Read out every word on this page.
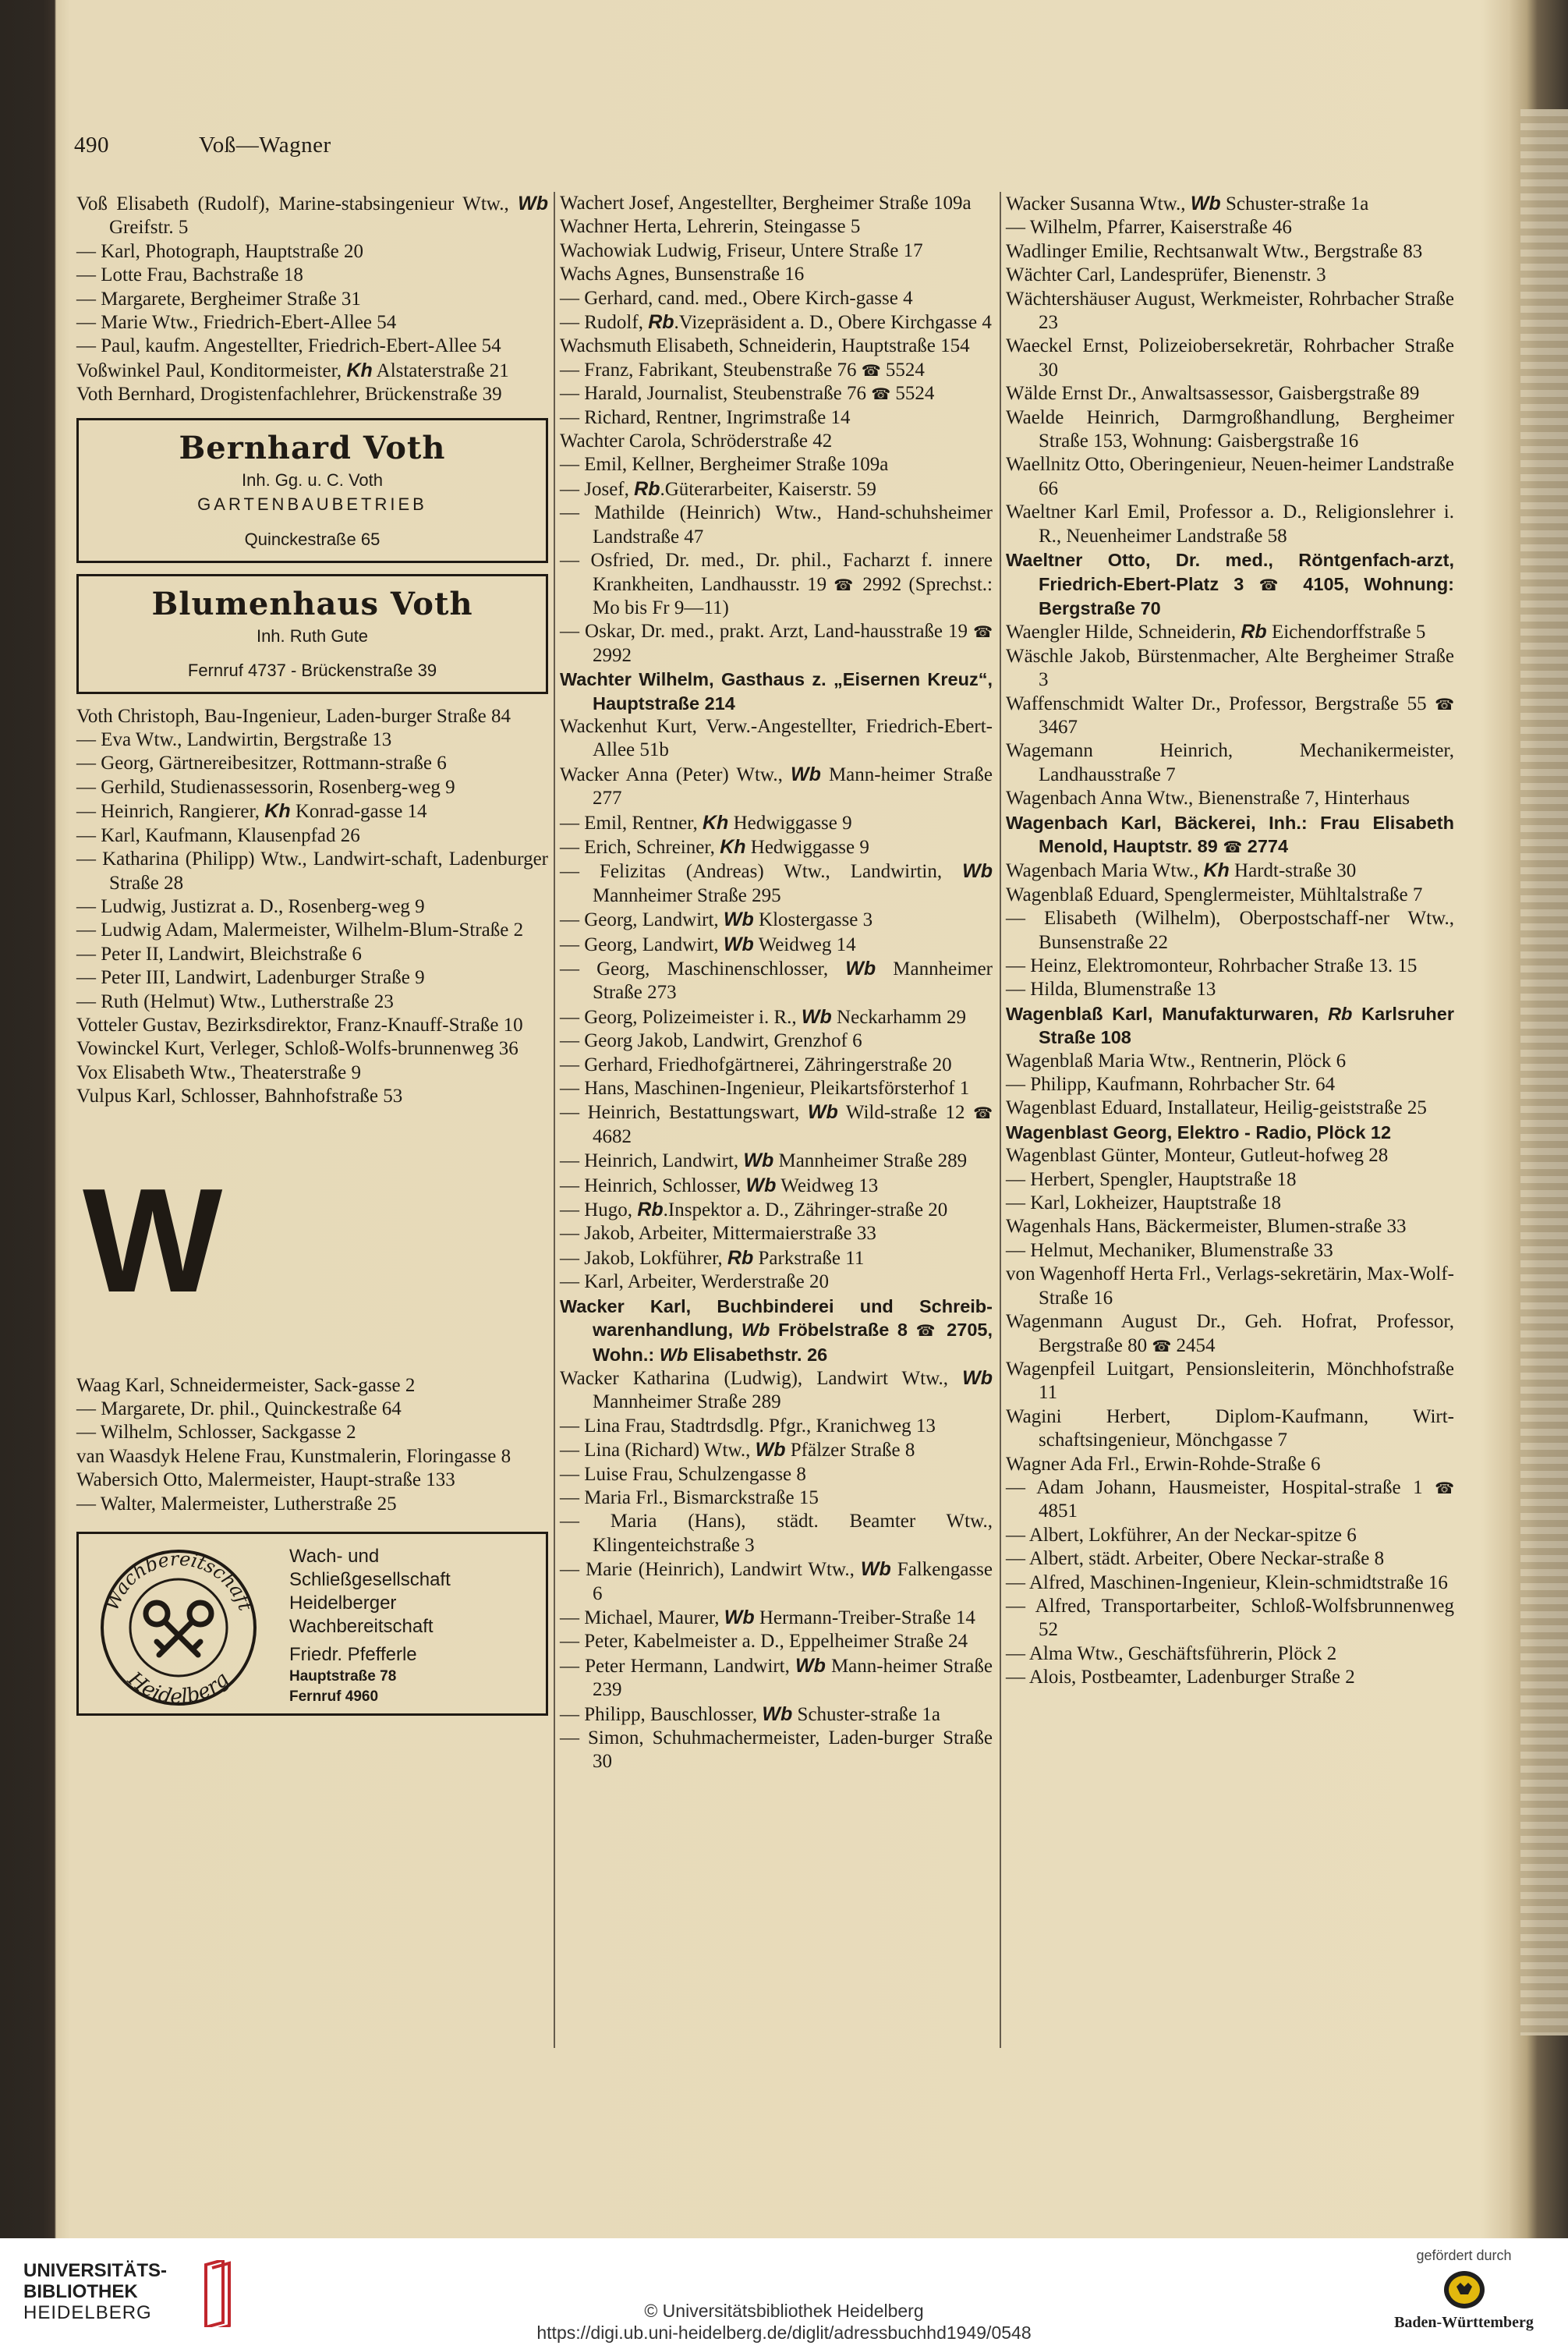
490	Voß—Wagner
Voß Elisabeth (Rudolf), Marine-stabsingenieur Wtw., Wb Greifstr. 5
— Karl, Photograph, Hauptstraße 20
— Lotte Frau, Bachstraße 18
— Margarete, Bergheimer Straße 31
— Marie Wtw., Friedrich-Ebert-Allee 54
— Paul, kaufm. Angestellter, Friedrich-Ebert-Allee 54
Voßwinkel Paul, Konditormeister, Kh Alstaterstraße 21
Voth Bernhard, Drogistenfachlehrer, Brückenstraße 39
Bernhard Voth
Inh. Gg. u. C. Voth
GARTENBAUBETRIEB
Quinckestraße 65
Blumenhaus Voth
Inh. Ruth Gute
Fernruf 4737 - Brückenstraße 39
Voth Christoph, Bau-Ingenieur, Laden-burger Straße 84
— Eva Wtw., Landwirtin, Bergstraße 13
— Georg, Gärtnereibesitzer, Rottmann-straße 6
— Gerhild, Studienassessorin, Rosenberg-weg 9
— Heinrich, Rangierer, Kh Konrad-gasse 14
— Karl, Kaufmann, Klausenpfad 26
— Katharina (Philipp) Wtw., Landwirt-schaft, Ladenburger Straße 28
— Ludwig, Justizrat a. D., Rosenberg-weg 9
— Ludwig Adam, Malermeister, Wilhelm-Blum-Straße 2
— Peter II, Landwirt, Bleichstraße 6
— Peter III, Landwirt, Ladenburger Straße 9
— Ruth (Helmut) Wtw., Lutherstraße 23
Votteler Gustav, Bezirksdirektor, Franz-Knauff-Straße 10
Vowinckel Kurt, Verleger, Schloß-Wolfs-brunnenweg 36
Vox Elisabeth Wtw., Theaterstraße 9
Vulpus Karl, Schlosser, Bahnhofstraße 53
W
Waag Karl, Schneidermeister, Sack-gasse 2
— Margarete, Dr. phil., Quinckestraße 64
— Wilhelm, Schlosser, Sackgasse 2
van Waasdyk Helene Frau, Kunstmalerin, Floringasse 8
Wabersich Otto, Malermeister, Haupt-straße 133
— Walter, Malermeister, Lutherstraße 25
Wachbereitschaft
Heidelberg
Wach- und
Schließgesellschaft
Heidelberger
Wachbereitschaft
Friedr. Pfefferle
Hauptstraße 78
Fernruf 4960
Wachert Josef, Angestellter, Bergheimer Straße 109a
Wachner Herta, Lehrerin, Steingasse 5
Wachowiak Ludwig, Friseur, Untere Straße 17
Wachs Agnes, Bunsenstraße 16
— Gerhard, cand. med., Obere Kirch-gasse 4
— Rudolf, Rb.Vizepräsident a. D., Obere Kirchgasse 4
Wachsmuth Elisabeth, Schneiderin, Hauptstraße 154
— Franz, Fabrikant, Steubenstraße 76 ☎ 5524
— Harald, Journalist, Steubenstraße 76 ☎ 5524
— Richard, Rentner, Ingrimstraße 14
Wachter Carola, Schröderstraße 42
— Emil, Kellner, Bergheimer Straße 109a
— Josef, Rb.Güterarbeiter, Kaiserstr. 59
— Mathilde (Heinrich) Wtw., Hand-schuhsheimer Landstraße 47
— Osfried, Dr. med., Dr. phil., Facharzt f. innere Krankheiten, Landhausstr. 19 ☎ 2992 (Sprechst.: Mo bis Fr 9—11)
— Oskar, Dr. med., prakt. Arzt, Land-hausstraße 19 ☎ 2992
Wachter Wilhelm, Gasthaus z. „Eisernen Kreuz“, Hauptstraße 214
Wackenhut Kurt, Verw.-Angestellter, Friedrich-Ebert-Allee 51b
Wacker Anna (Peter) Wtw., Wb Mann-heimer Straße 277
— Emil, Rentner, Kh Hedwiggasse 9
— Erich, Schreiner, Kh Hedwiggasse 9
— Felizitas (Andreas) Wtw., Landwirtin, Wb Mannheimer Straße 295
— Georg, Landwirt, Wb Klostergasse 3
— Georg, Landwirt, Wb Weidweg 14
— Georg, Maschinenschlosser, Wb Mannheimer Straße 273
— Georg, Polizeimeister i. R., Wb Neckarhamm 29
— Georg Jakob, Landwirt, Grenzhof 6
— Gerhard, Friedhofgärtnerei, Zähringerstraße 20
— Hans, Maschinen-Ingenieur, Pleikartsförsterhof 1
— Heinrich, Bestattungswart, Wb Wild-straße 12 ☎ 4682
— Heinrich, Landwirt, Wb Mannheimer Straße 289
— Heinrich, Schlosser, Wb Weidweg 13
— Hugo, Rb.Inspektor a. D., Zähringer-straße 20
— Jakob, Arbeiter, Mittermaierstraße 33
— Jakob, Lokführer, Rb Parkstraße 11
— Karl, Arbeiter, Werderstraße 20
Wacker Karl, Buchbinderei und Schreib-warenhandlung, Wb Fröbelstraße 8 ☎ 2705, Wohn.: Wb Elisabethstr. 26
Wacker Katharina (Ludwig), Landwirt Wtw., Wb Mannheimer Straße 289
— Lina Frau, Stadtrdsdlg. Pfgr., Kranichweg 13
— Lina (Richard) Wtw., Wb Pfälzer Straße 8
— Luise Frau, Schulzengasse 8
— Maria Frl., Bismarckstraße 15
— Maria (Hans), städt. Beamter Wtw., Klingenteichstraße 3
— Marie (Heinrich), Landwirt Wtw., Wb Falkengasse 6
— Michael, Maurer, Wb Hermann-Treiber-Straße 14
— Peter, Kabelmeister a. D., Eppelheimer Straße 24
— Peter Hermann, Landwirt, Wb Mann-heimer Straße 239
— Philipp, Bauschlosser, Wb Schuster-straße 1a
— Simon, Schuhmachermeister, Laden-burger Straße 30
Wacker Susanna Wtw., Wb Schuster-straße 1a
— Wilhelm, Pfarrer, Kaiserstraße 46
Wadlinger Emilie, Rechtsanwalt Wtw., Bergstraße 83
Wächter Carl, Landesprüfer, Bienenstr. 3
Wächtershäuser August, Werkmeister, Rohrbacher Straße 23
Waeckel Ernst, Polizeiobersekretär, Rohrbacher Straße 30
Wälde Ernst Dr., Anwaltsassessor, Gaisbergstraße 89
Waelde Heinrich, Darmgroßhandlung, Bergheimer Straße 153, Wohnung: Gaisbergstraße 16
Waellnitz Otto, Oberingenieur, Neuen-heimer Landstraße 66
Waeltner Karl Emil, Professor a. D., Religionslehrer i. R., Neuenheimer Landstraße 58
Waeltner Otto, Dr. med., Röntgenfach-arzt, Friedrich-Ebert-Platz 3 ☎ 4105, Wohnung: Bergstraße 70
Waengler Hilde, Schneiderin, Rb Eichendorffstraße 5
Wäschle Jakob, Bürstenmacher, Alte Bergheimer Straße 3
Waffenschmidt Walter Dr., Professor, Bergstraße 55 ☎ 3467
Wagemann Heinrich, Mechanikermeister, Landhausstraße 7
Wagenbach Anna Wtw., Bienenstraße 7, Hinterhaus
Wagenbach Karl, Bäckerei, Inh.: Frau Elisabeth Menold, Hauptstr. 89 ☎ 2774
Wagenbach Maria Wtw., Kh Hardt-straße 30
Wagenblaß Eduard, Spenglermeister, Mühltalstraße 7
— Elisabeth (Wilhelm), Oberpostschaff-ner Wtw., Bunsenstraße 22
— Heinz, Elektromonteur, Rohrbacher Straße 13. 15
— Hilda, Blumenstraße 13
Wagenblaß Karl, Manufakturwaren, Rb Karlsruher Straße 108
Wagenblaß Maria Wtw., Rentnerin, Plöck 6
— Philipp, Kaufmann, Rohrbacher Str. 64
Wagenblast Eduard, Installateur, Heilig-geiststraße 25
Wagenblast Georg, Elektro - Radio, Plöck 12
Wagenblast Günter, Monteur, Gutleut-hofweg 28
— Herbert, Spengler, Hauptstraße 18
— Karl, Lokheizer, Hauptstraße 18
Wagenhals Hans, Bäckermeister, Blumen-straße 33
— Helmut, Mechaniker, Blumenstraße 33
von Wagenhoff Herta Frl., Verlags-sekretärin, Max-Wolf-Straße 16
Wagenmann August Dr., Geh. Hofrat, Professor, Bergstraße 80 ☎ 2454
Wagenpfeil Luitgart, Pensionsleiterin, Mönchhofstraße 11
Wagini Herbert, Diplom-Kaufmann, Wirt-schaftsingenieur, Mönchgasse 7
Wagner Ada Frl., Erwin-Rohde-Straße 6
— Adam Johann, Hausmeister, Hospital-straße 1 ☎ 4851
— Albert, Lokführer, An der Neckar-spitze 6
— Albert, städt. Arbeiter, Obere Neckar-straße 8
— Alfred, Maschinen-Ingenieur, Klein-schmidtstraße 16
— Alfred, Transportarbeiter, Schloß-Wolfsbrunnenweg 52
— Alma Wtw., Geschäftsführerin, Plöck 2
— Alois, Postbeamter, Ladenburger Straße 2
UNIVERSITÄTS-
BIBLIOTHEK
HEIDELBERG	© Universitätsbibliothek Heidelberg
https://digi.ub.uni-heidelberg.de/diglit/adressbuchhd1949/0548
gefördert durch
Baden-Württemberg
